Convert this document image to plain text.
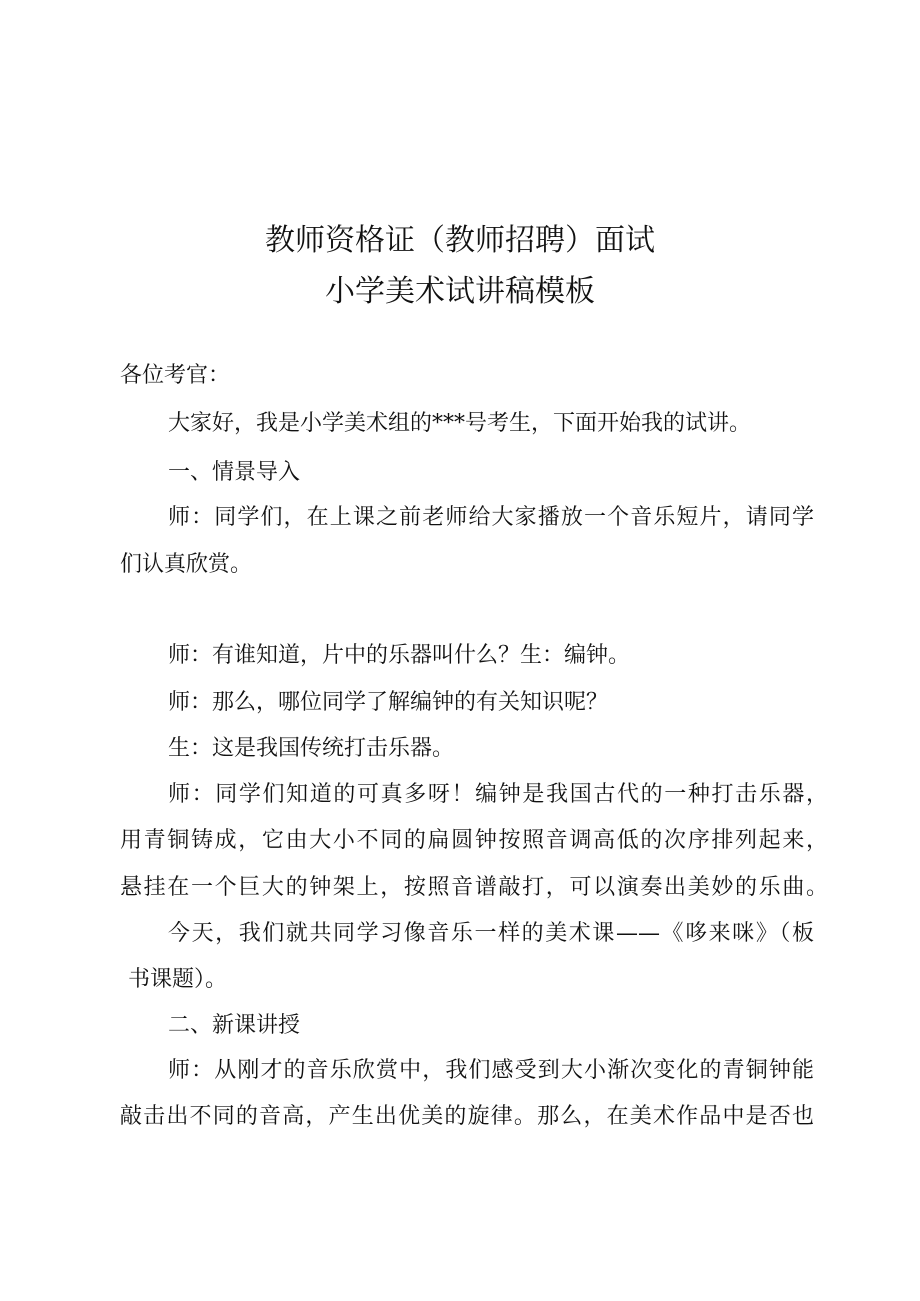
教师资格证（教师招聘）面试
小学美术试讲稿模板
各位考官：
大家好，我是小学美术组的***号考生，下面开始我的试讲。
一、情景导入
师：同学们，在上课之前老师给大家播放一个音乐短片，请同学
们认真欣赏。
师：有谁知道，片中的乐器叫什么？生：编钟。
师：那么，哪位同学了解编钟的有关知识呢？
生：这是我国传统打击乐器。
师：同学们知道的可真多呀！编钟是我国古代的一种打击乐器，
用青铜铸成，它由大小不同的扁圆钟按照音调高低的次序排列起来，
悬挂在一个巨大的钟架上，按照音谱敲打，可以演奏出美妙的乐曲。
今天，我们就共同学习像音乐一样的美术课——《哆来咪》（板
书课题）。
二、新课讲授
师：从刚才的音乐欣赏中，我们感受到大小渐次变化的青铜钟能
敲击出不同的音高，产生出优美的旋律。那么，在美术作品中是否也
